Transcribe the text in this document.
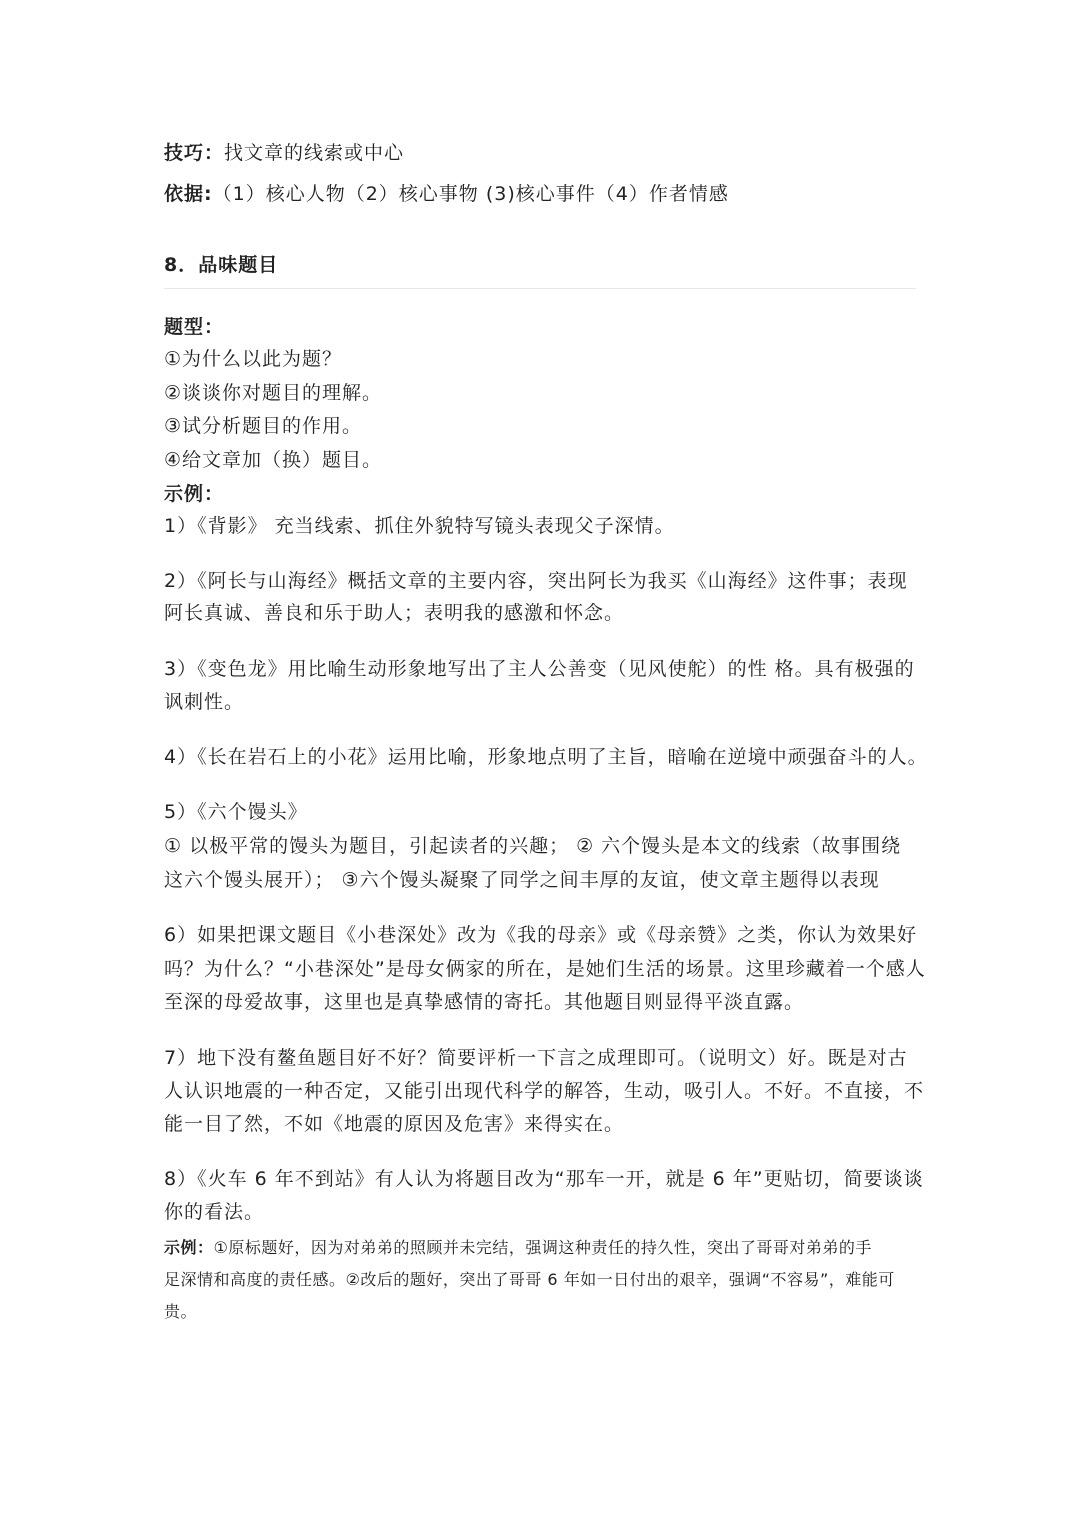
技巧：找文章的线索或中心
依据:（1）核心人物（2）核心事物 (3)核心事件（4）作者情感
8．品味题目
题型：
①为什么以此为题？
②谈谈你对题目的理解。
③试分析题目的作用。
④给文章加（换）题目。
示例：
1）《背影》 充当线索、抓住外貌特写镜头表现父子深情。
2）《阿长与山海经》概括文章的主要内容，突出阿长为我买《山海经》这件事；表现
阿长真诚、善良和乐于助人；表明我的感激和怀念。
3）《变色龙》用比喻生动形象地写出了主人公善变（见风使舵）的性 格。具有极强的
讽刺性。
4）《长在岩石上的小花》运用比喻，形象地点明了主旨，暗喻在逆境中顽强奋斗的人。
5）《六个馒头》
① 以极平常的馒头为题目，引起读者的兴趣； ② 六个馒头是本文的线索（故事围绕
这六个馒头展开）； ③六个馒头凝聚了同学之间丰厚的友谊，使文章主题得以表现
6）如果把课文题目《小巷深处》改为《我的母亲》或《母亲赞》之类，你认为效果好
吗？为什么？“小巷深处”是母女俩家的所在，是她们生活的场景。这里珍藏着一个感人
至深的母爱故事，这里也是真挚感情的寄托。其他题目则显得平淡直露。
7）地下没有鳌鱼题目好不好？简要评析一下言之成理即可。（说明文）好。既是对古
人认识地震的一种否定，又能引出现代科学的解答，生动，吸引人。不好。不直接，不
能一目了然，不如《地震的原因及危害》来得实在。
8）《火车 6 年不到站》有人认为将题目改为“那车一开，就是 6 年”更贴切，简要谈谈
你的看法。
示例：①原标题好，因为对弟弟的照顾并未完结，强调这种责任的持久性，突出了哥哥对弟弟的手
足深情和高度的责任感。②改后的题好，突出了哥哥 6 年如一日付出的艰辛，强调“不容易”，难能可
贵。
